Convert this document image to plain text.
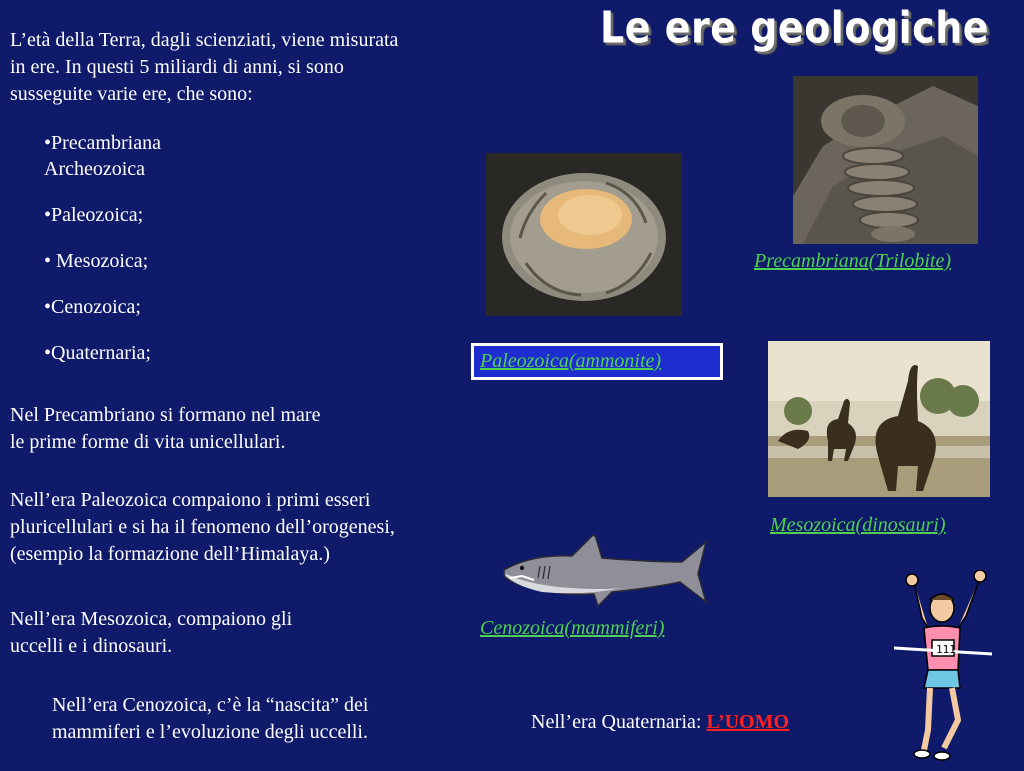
Le ere geologiche
L’età della Terra, dagli scienziati, viene misurata
in ere. In questi 5 miliardi di anni, si sono
susseguite varie ere, che sono:
•Precambriana
Archeozoica
•Paleozoica;
• Mesozoica;
•Cenozoica;
•Quaternaria;
Nel Precambriano si formano nel mare
le prime forme di vita unicellulari.
Nell’era Paleozoica compaiono i primi esseri
pluricellulari e si ha il fenomeno dell’orogenesi,
(esempio la formazione dell’Himalaya.)
Nell’era Mesozoica, compaiono gli
uccelli e i dinosauri.
Nell’era Cenozoica, c’è la “nascita” dei
mammiferi e l’evoluzione degli uccelli.	Nell’era Quaternaria: L’UOMO
Precambriana(Trilobite)
Paleozoica(ammonite)
Mesozoica(dinosauri)
Cenozoica(mammiferi)
111
